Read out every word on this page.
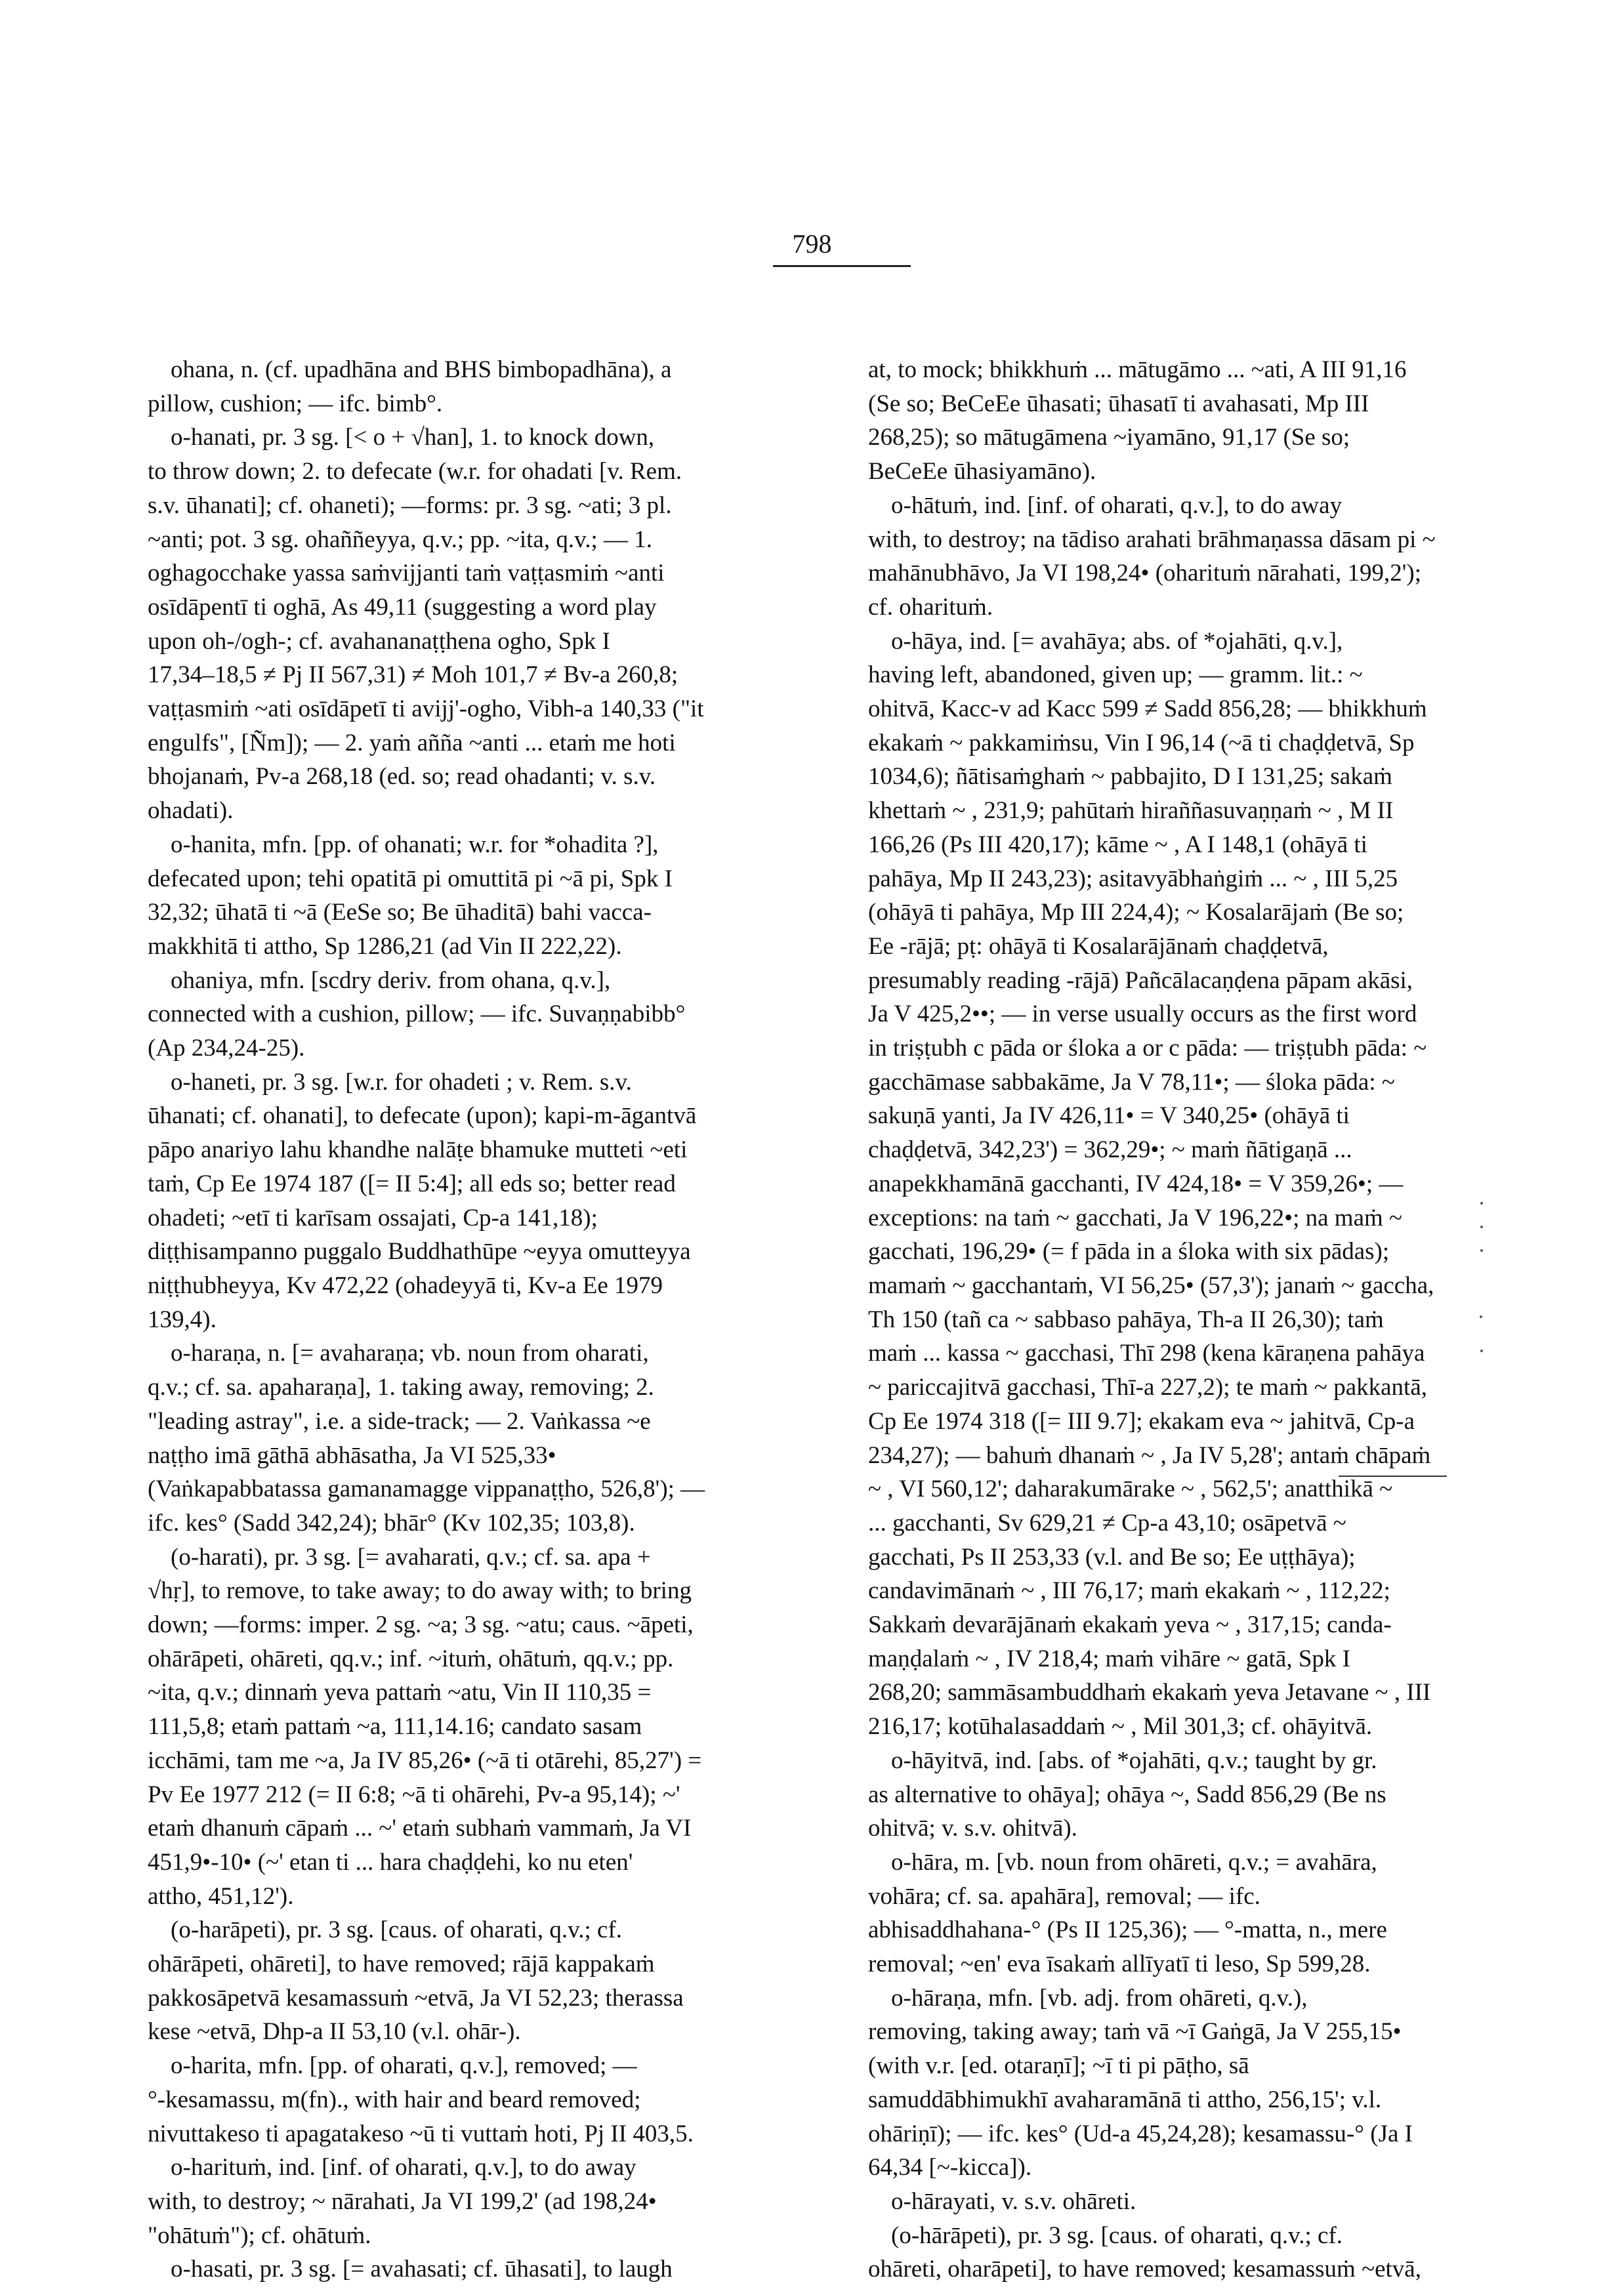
798

ohana, n. (cf. upadhāna and BHS bimbopadhāna), a
pillow, cushion; — ifc. bimb°.

o-hanati, pr. 3 sg. [< o + √han], 1. to knock down,
to throw down; 2. to defecate (w.r. for ohadati [v. Rem.
s.v. ūhanati]; cf. ohaneti); —forms: pr. 3 sg. ~ati; 3 pl.
~anti; pot. 3 sg. ohaññeyya, q.v.; pp. ~ita, q.v.; — 1.
oghagocchake yassa saṁvijjanti taṁ vaṭṭasmiṁ ~anti
osīdāpentī ti oghā, As 49,11 (suggesting a word play
upon oh-/ogh-; cf. avahananaṭṭhena ogho, Spk I
17,34–18,5 ≠ Pj II 567,31) ≠ Moh 101,7 ≠ Bv-a 260,8;
vaṭṭasmiṁ ~ati osīdāpetī ti avijj'-ogho, Vibh-a 140,33 ("it
engulfs", [Ñm]); — 2. yaṁ añña ~anti ... etaṁ me hoti
bhojanaṁ, Pv-a 268,18 (ed. so; read ohadanti; v. s.v.
ohadati).

o-hanita, mfn. [pp. of ohanati; w.r. for *ohadita ?],
defecated upon; tehi opatitā pi omuttitā pi ~ā pi, Spk I
32,32; ūhatā ti ~ā (EeSe so; Be ūhaditā) bahi vacca-
makkhitā ti attho, Sp 1286,21 (ad Vin II 222,22).

ohaniya, mfn. [scdry deriv. from ohana, q.v.],
connected with a cushion, pillow; — ifc. Suvaṇṇabibb°
(Ap 234,24-25).

o-haneti, pr. 3 sg. [w.r. for ohadeti ; v. Rem. s.v.
ūhanati; cf. ohanati], to defecate (upon); kapi-m-āgantvā
pāpo anariyo lahu khandhe nalāṭe bhamuke mutteti ~eti
taṁ, Cp Ee 1974 187 ([= II 5:4]; all eds so; better read
ohadeti; ~etī ti karīsam ossajati, Cp-a 141,18);
diṭṭhisampanno puggalo Buddhathūpe ~eyya omutteyya
niṭṭhubheyya, Kv 472,22 (ohadeyyā ti, Kv-a Ee 1979
139,4).

o-haraṇa, n. [= avaharaṇa; vb. noun from oharati,
q.v.; cf. sa. apaharaṇa], 1. taking away, removing; 2.
"leading astray", i.e. a side-track; — 2. Vaṅkassa ~e
naṭṭho imā gāthā abhāsatha, Ja VI 525,33•
(Vaṅkapabbatassa gamanamagge vippanaṭṭho, 526,8'); —
ifc. kes° (Sadd 342,24); bhār° (Kv 102,35; 103,8).

(o-harati), pr. 3 sg. [= avaharati, q.v.; cf. sa. apa +
√hṛ], to remove, to take away; to do away with; to bring
down; —forms: imper. 2 sg. ~a; 3 sg. ~atu; caus. ~āpeti,
ohārāpeti, ohāreti, qq.v.; inf. ~ituṁ, ohātuṁ, qq.v.; pp.
~ita, q.v.; dinnaṁ yeva pattaṁ ~atu, Vin II 110,35 =
111,5,8; etaṁ pattaṁ ~a, 111,14.16; candato sasam
icchāmi, tam me ~a, Ja IV 85,26• (~ā ti otārehi, 85,27') =
Pv Ee 1977 212 (= II 6:8; ~ā ti ohārehi, Pv-a 95,14); ~'
etaṁ dhanuṁ cāpaṁ ... ~' etaṁ subhaṁ vammaṁ, Ja VI
451,9•-10• (~' etan ti ... hara chaḍḍehi, ko nu eten'
attho, 451,12').

(o-harāpeti), pr. 3 sg. [caus. of oharati, q.v.; cf.
ohārāpeti, ohāreti], to have removed; rājā kappakaṁ
pakkosāpetvā kesamassuṁ ~etvā, Ja VI 52,23; therassa
kese ~etvā, Dhp-a II 53,10 (v.l. ohār-).

o-harita, mfn. [pp. of oharati, q.v.], removed; —
°-kesamassu, m(fn)., with hair and beard removed;
nivuttakeso ti apagatakeso ~ū ti vuttaṁ hoti, Pj II 403,5.

o-harituṁ, ind. [inf. of oharati, q.v.], to do away
with, to destroy; ~ nārahati, Ja VI 199,2' (ad 198,24•
"ohātuṁ"); cf. ohātuṁ.

o-hasati, pr. 3 sg. [= avahasati; cf. ūhasati], to laugh

at, to mock; bhikkhuṁ ... mātugāmo ... ~ati, A III 91,16
(Se so; BeCeEe ūhasati; ūhasatī ti avahasati, Mp III
268,25); so mātugāmena ~iyamāno, 91,17 (Se so;
BeCeEe ūhasiyamāno).

o-hātuṁ, ind. [inf. of oharati, q.v.], to do away
with, to destroy; na tādiso arahati brāhmaṇassa dāsam pi ~
mahānubhāvo, Ja VI 198,24• (oharituṁ nārahati, 199,2');
cf. oharituṁ.

o-hāya, ind. [= avahāya; abs. of *ojahāti, q.v.],
having left, abandoned, given up; — gramm. lit.: ~
ohitvā, Kacc-v ad Kacc 599 ≠ Sadd 856,28; — bhikkhuṁ
ekakaṁ ~ pakkamiṁsu, Vin I 96,14 (~ā ti chaḍḍetvā, Sp
1034,6); ñātisaṁghaṁ ~ pabbajito, D I 131,25; sakaṁ
khettaṁ ~ , 231,9; pahūtaṁ hiraññasuvaṇṇaṁ ~ , M II
166,26 (Ps III 420,17); kāme ~ , A I 148,1 (ohāyā ti
pahāya, Mp II 243,23); asitavyābhaṅgiṁ ... ~ , III 5,25
(ohāyā ti pahāya, Mp III 224,4); ~ Kosalarājaṁ (Be so;
Ee -rājā; pṭ: ohāyā ti Kosalarājānaṁ chaḍḍetvā,
presumably reading -rājā) Pañcālacaṇḍena pāpam akāsi,
Ja V 425,2••; — in verse usually occurs as the first word
in triṣṭubh c pāda or śloka a or c pāda: — triṣṭubh pāda: ~
gacchāmase sabbakāme, Ja V 78,11•; — śloka pāda: ~
sakuṇā yanti, Ja IV 426,11• = V 340,25• (ohāyā ti
chaḍḍetvā, 342,23') = 362,29•; ~ maṁ ñātigaṇā ...
anapekkhamānā gacchanti, IV 424,18• = V 359,26•; —
exceptions: na taṁ ~ gacchati, Ja V 196,22•; na maṁ ~
gacchati, 196,29• (= f pāda in a śloka with six pādas);
mamaṁ ~ gacchantaṁ, VI 56,25• (57,3'); janaṁ ~ gaccha,
Th 150 (tañ ca ~ sabbaso pahāya, Th-a II 26,30); taṁ
maṁ ... kassa ~ gacchasi, Thī 298 (kena kāraṇena pahāya
~ pariccajitvā gacchasi, Thī-a 227,2); te maṁ ~ pakkantā,
Cp Ee 1974 318 ([= III 9.7]; ekakam eva ~ jahitvā, Cp-a
234,27); — bahuṁ dhanaṁ ~ , Ja IV 5,28'; antaṁ chāpaṁ
~ , VI 560,12'; daharakumārake ~ , 562,5'; anatthikā ~
... gacchanti, Sv 629,21 ≠ Cp-a 43,10; osāpetvā ~
gacchati, Ps II 253,33 (v.l. and Be so; Ee uṭṭhāya);
candavimānaṁ ~ , III 76,17; maṁ ekakaṁ ~ , 112,22;
Sakkaṁ devarājānaṁ ekakaṁ yeva ~ , 317,15; canda-
maṇḍalaṁ ~ , IV 218,4; maṁ vihāre ~ gatā, Spk I
268,20; sammāsambuddhaṁ ekakaṁ yeva Jetavane ~ , III
216,17; kotūhalasaddaṁ ~ , Mil 301,3; cf. ohāyitvā.

o-hāyitvā, ind. [abs. of *ojahāti, q.v.; taught by gr.
as alternative to ohāya]; ohāya ~, Sadd 856,29 (Be ns
ohitvā; v. s.v. ohitvā).

o-hāra, m. [vb. noun from ohāreti, q.v.; = avahāra,
vohāra; cf. sa. apahāra], removal; — ifc.
abhisaddhahana-° (Ps II 125,36); — °-matta, n., mere
removal; ~en' eva īsakaṁ allīyatī ti leso, Sp 599,28.

o-hāraṇa, mfn. [vb. adj. from ohāreti, q.v.),
removing, taking away; taṁ vā ~ī Gaṅgā, Ja V 255,15•
(with v.r. [ed. otaraṇī]; ~ī ti pi pāṭho, sā
samuddābhimukhī avaharamānā ti attho, 256,15'; v.l.
ohāriṇī); — ifc. kes° (Ud-a 45,24,28); kesamassu-° (Ja I
64,34 [~-kicca]).

o-hārayati, v. s.v. ohāreti.

(o-hārāpeti), pr. 3 sg. [caus. of oharati, q.v.; cf.
ohāreti, oharāpeti], to have removed; kesamassuṁ ~etvā,
